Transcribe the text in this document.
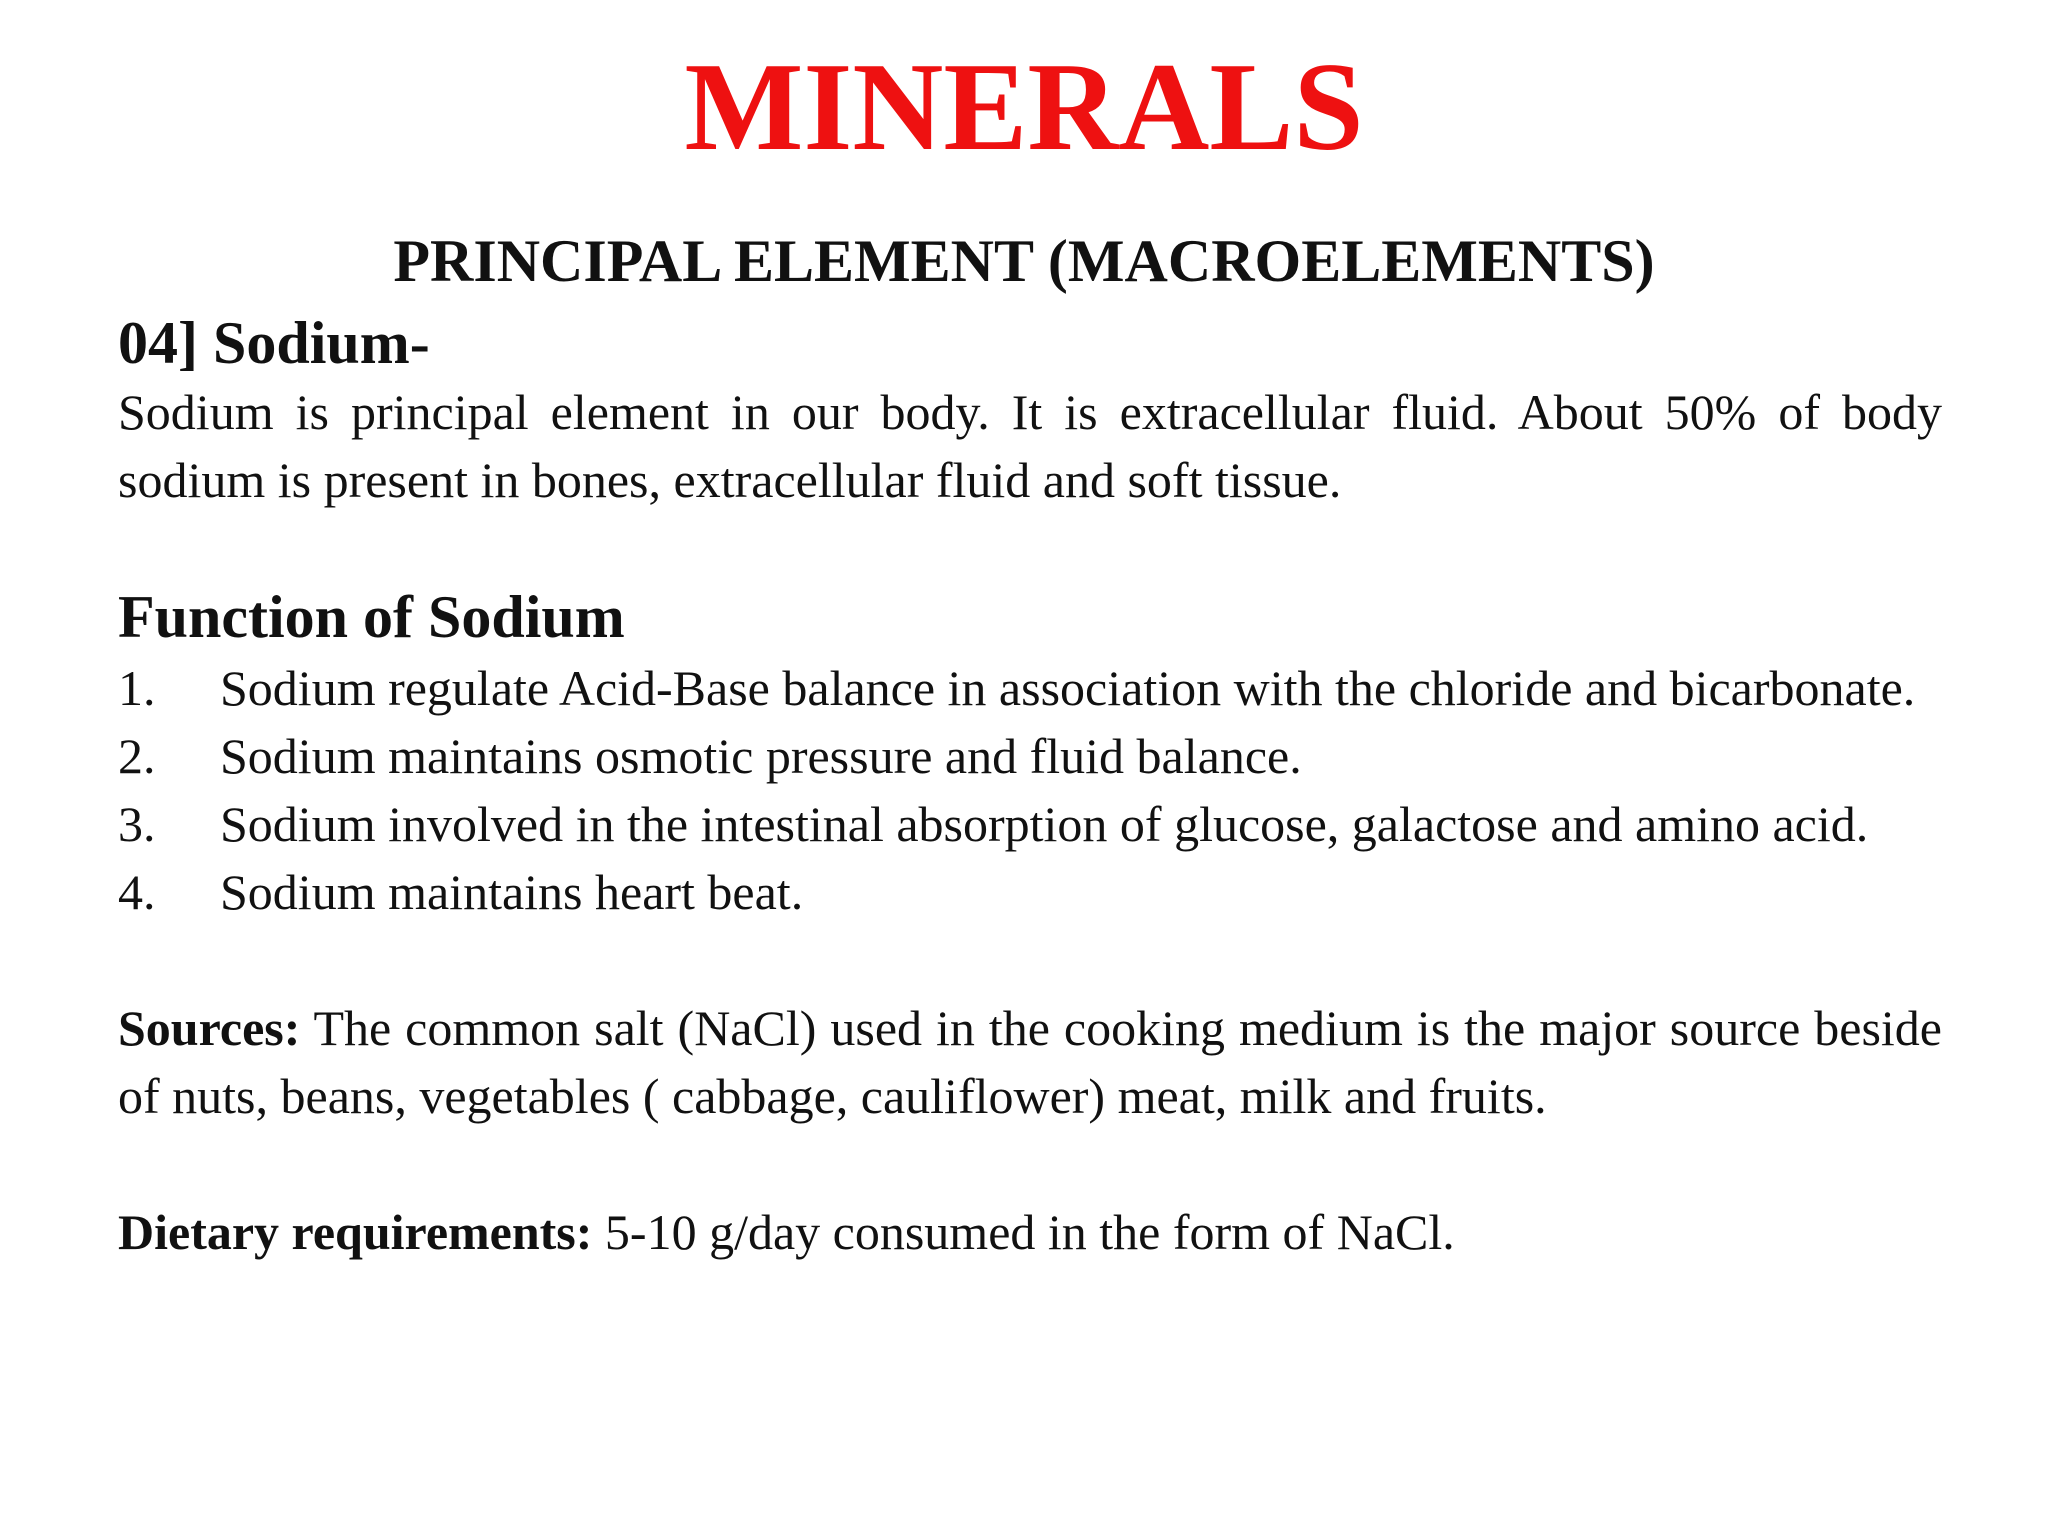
MINERALS
PRINCIPAL ELEMENT (MACROELEMENTS)
04] Sodium-

Sodium is principal element in our body. It is extracellular fluid. About 50% of body sodium is present in bones, extracellular fluid and soft tissue.

Function of Sodium
1. Sodium regulate Acid-Base balance in association with the chloride and bicarbonate.
2. Sodium maintains osmotic pressure and fluid balance.
3. Sodium involved in the intestinal absorption of glucose, galactose and amino acid.
4. Sodium maintains heart beat.

Sources: The common salt (NaCl) used in the cooking medium is the major source beside of nuts, beans, vegetables ( cabbage, cauliflower) meat, milk and fruits.

Dietary requirements: 5-10 g/day consumed in the form of NaCl.
